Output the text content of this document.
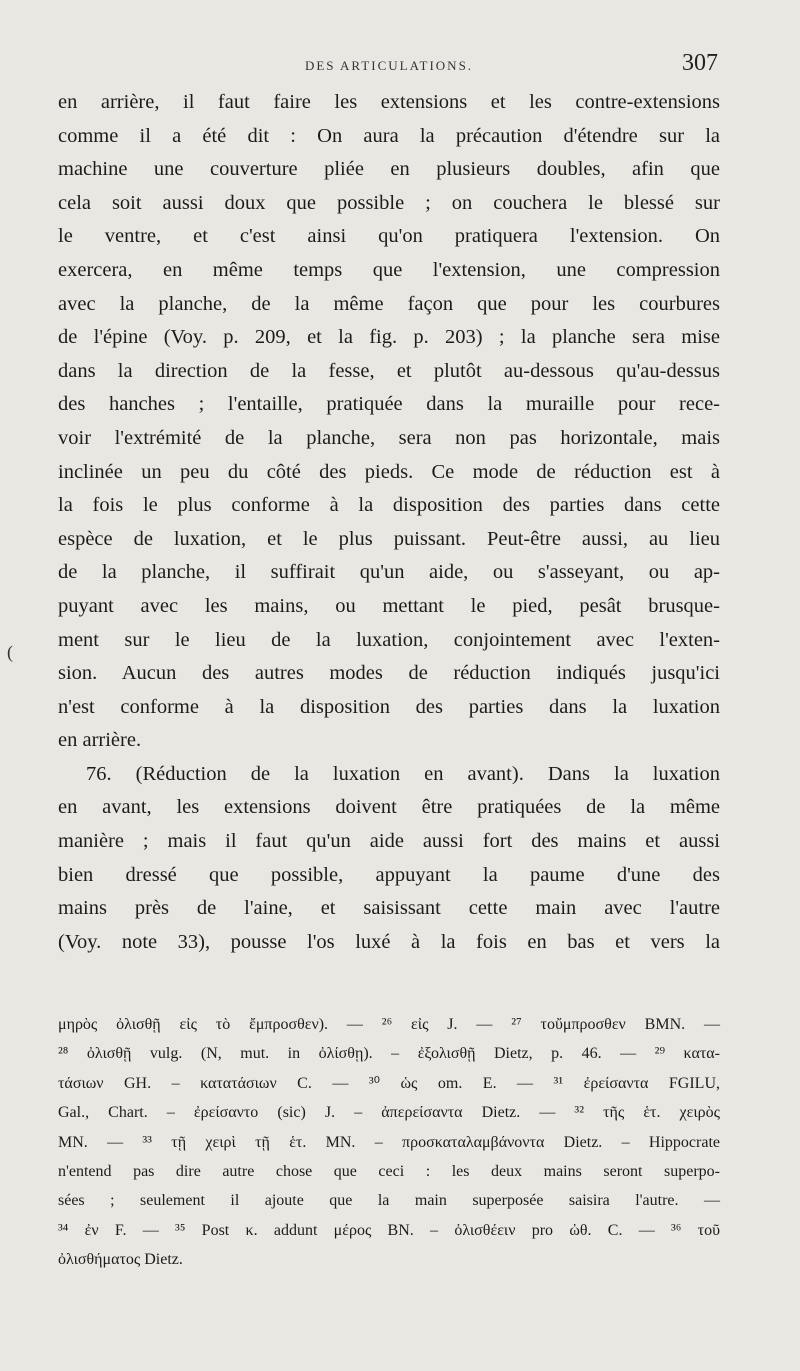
DES ARTICULATIONS.	307
(
en arrière, il faut faire les extensions et les contre-extensions
comme il a été dit : On aura la précaution d'étendre sur la
machine une couverture pliée en plusieurs doubles, afin que
cela soit aussi doux que possible ; on couchera le blessé sur
le ventre, et c'est ainsi qu'on pratiquera l'extension. On
exercera, en même temps que l'extension, une compression
avec la planche, de la même façon que pour les courbures
de l'épine (Voy. p. 209, et la fig. p. 203) ; la planche sera mise
dans la direction de la fesse, et plutôt au-dessous qu'au-dessus
des hanches ; l'entaille, pratiquée dans la muraille pour rece-
voir l'extrémité de la planche, sera non pas horizontale, mais
inclinée un peu du côté des pieds. Ce mode de réduction est à
la fois le plus conforme à la disposition des parties dans cette
espèce de luxation, et le plus puissant. Peut-être aussi, au lieu
de la planche, il suffirait qu'un aide, ou s'asseyant, ou ap-
puyant avec les mains, ou mettant le pied, pesât brusque-
ment sur le lieu de la luxation, conjointement avec l'exten-
sion. Aucun des autres modes de réduction indiqués jusqu'ici
n'est conforme à la disposition des parties dans la luxation
en arrière.
76. (Réduction de la luxation en avant). Dans la luxation
en avant, les extensions doivent être pratiquées de la même
manière ; mais il faut qu'un aide aussi fort des mains et aussi
bien dressé que possible, appuyant la paume d'une des
mains près de l'aine, et saisissant cette main avec l'autre
(Voy. note 33), pousse l'os luxé à la fois en bas et vers la
μηρὸς ὀλισθῇ εἰς τὸ ἔμπροσθεν). — ²⁶ εἰς J. — ²⁷ τοὔμπροσθεν BMN. —
²⁸ ὀλισθῇ vulg. (N, mut. in ὀλίσθῃ). – ἐξολισθῇ Dietz, p. 46. — ²⁹ κατα-
τάσιων GH. – κατατάσιων C. — ³⁰ ὡς om. E. — ³¹ ἐρείσαντα FGILU,
Gal., Chart. – ἐρείσαντο (sic) J. – ἀπερείσαντα Dietz. — ³² τῆς ἑτ. χειρὸς
MN. — ³³ τῇ χειρὶ τῇ ἑτ. MN. – προσκαταλαμβάνοντα Dietz. – Hippocrate
n'entend pas dire autre chose que ceci : les deux mains seront superpo-
sées ; seulement il ajoute que la main superposée saisira l'autre. —
³⁴ ἐν F. — ³⁵ Post κ. addunt μέρος BN. – ὀλισθέειν pro ὠθ. C. — ³⁶ τοῦ
ὀλισθήματος Dietz.
